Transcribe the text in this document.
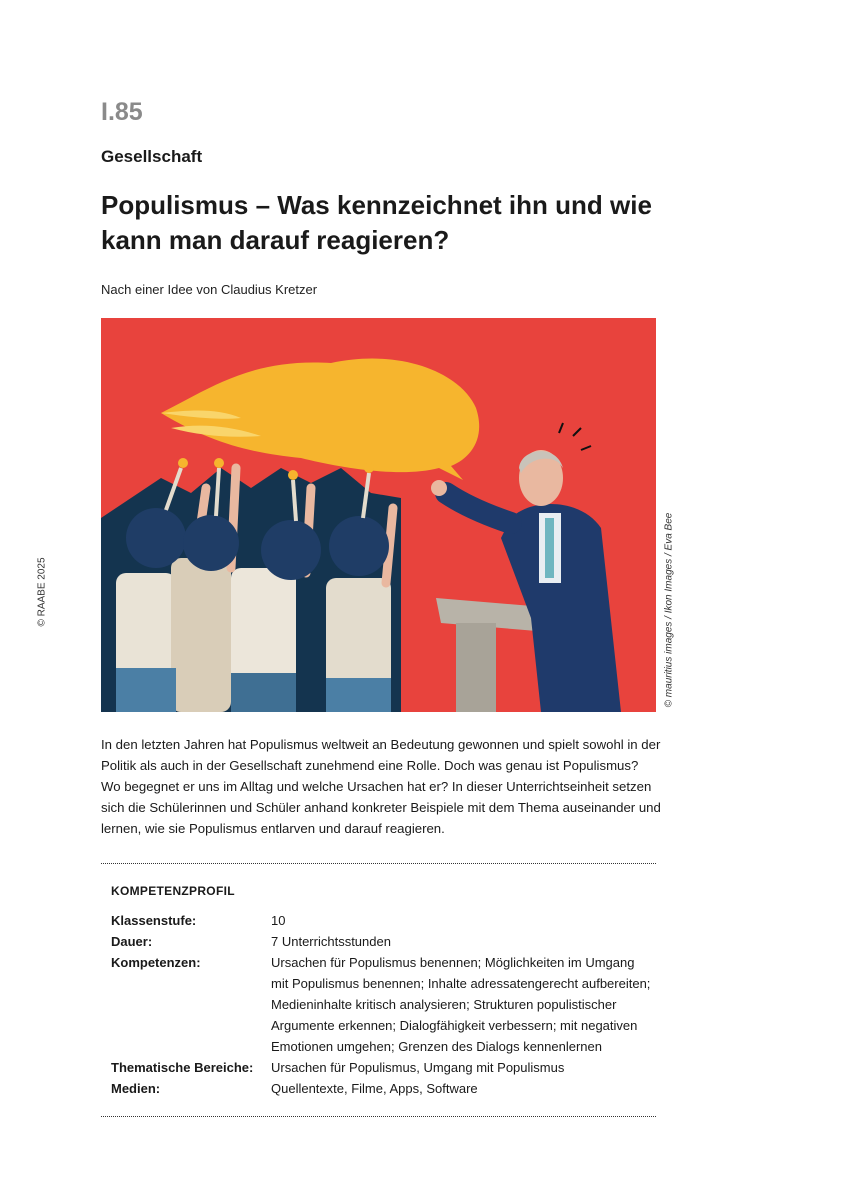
I.85
Gesellschaft
Populismus – Was kennzeichnet ihn und wie kann man darauf reagieren?
Nach einer Idee von Claudius Kretzer
© RAABE 2025	© mauritius images / Ikon Images / Eva Bee

In den letzten Jahren hat Populismus weltweit an Bedeutung gewonnen und spielt sowohl in der Politik als auch in der Gesellschaft zunehmend eine Rolle. Doch was genau ist Populismus? Wo begegnet er uns im Alltag und welche Ursachen hat er? In dieser Unterrichtseinheit setzen sich die Schülerinnen und Schüler anhand konkreter Beispiele mit dem Thema auseinander und lernen, wie sie Populismus entlarven und darauf reagieren.

KOMPETENZPROFIL
Klassenstufe:	10
Dauer:	7 Unterrichtsstunden
Kompetenzen:	Ursachen für Populismus benennen; Möglichkeiten im Umgang mit Populismus benennen; Inhalte adressatengerecht aufbereiten; Medieninhalte kritisch analysieren; Strukturen populistischer Argumente erkennen; Dialogfähigkeit verbessern; mit negativen Emotionen umgehen; Grenzen des Dialogs kennenlernen
Thematische Bereiche:	Ursachen für Populismus, Umgang mit Populismus
Medien:	Quellentexte, Filme, Apps, Software
